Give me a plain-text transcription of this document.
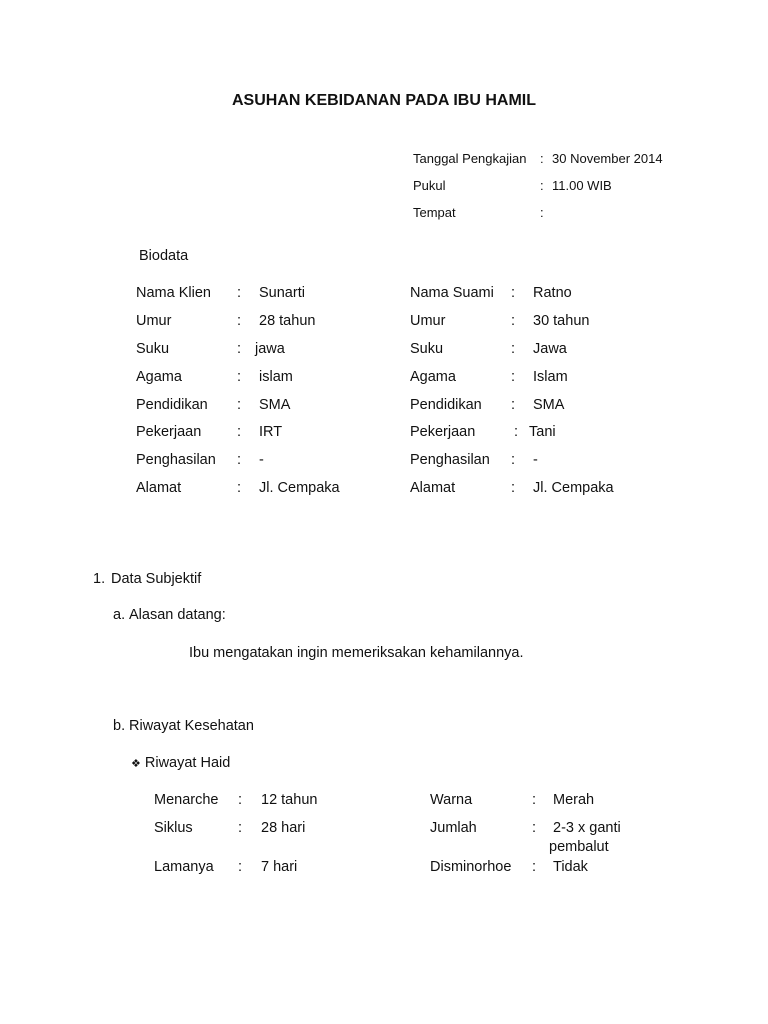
ASUHAN KEBIDANAN PADA IBU HAMIL
Tanggal Pengkajian : 30 November 2014
Pukul	: 11.00 WIB
Tempat	:
Biodata
Nama Klien : Sunarti
Umur	: 28 tahun
Suku	: jawa
Agama	: islam
Pendidikan : SMA
Pekerjaan : IRT
Penghasilan : -
Alamat	: Jl. Cempaka
Nama Suami : Ratno
Umur	: 30 tahun
Suku	: Jawa
Agama	: Islam
Pendidikan : SMA
Pekerjaan	: Tani
Penghasilan : -
Alamat	: Jl. Cempaka
1. Data Subjektif
a. Alasan datang:
Ibu mengatakan ingin memeriksakan kehamilannya.
b. Riwayat Kesehatan
❖ Riwayat Haid
Menarche : 12 tahun
Siklus	: 28 hari
Lamanya : 7 hari
Warna	: Merah
Jumlah	: 2-3 x ganti
pembalut
Disminorhoe : Tidak
